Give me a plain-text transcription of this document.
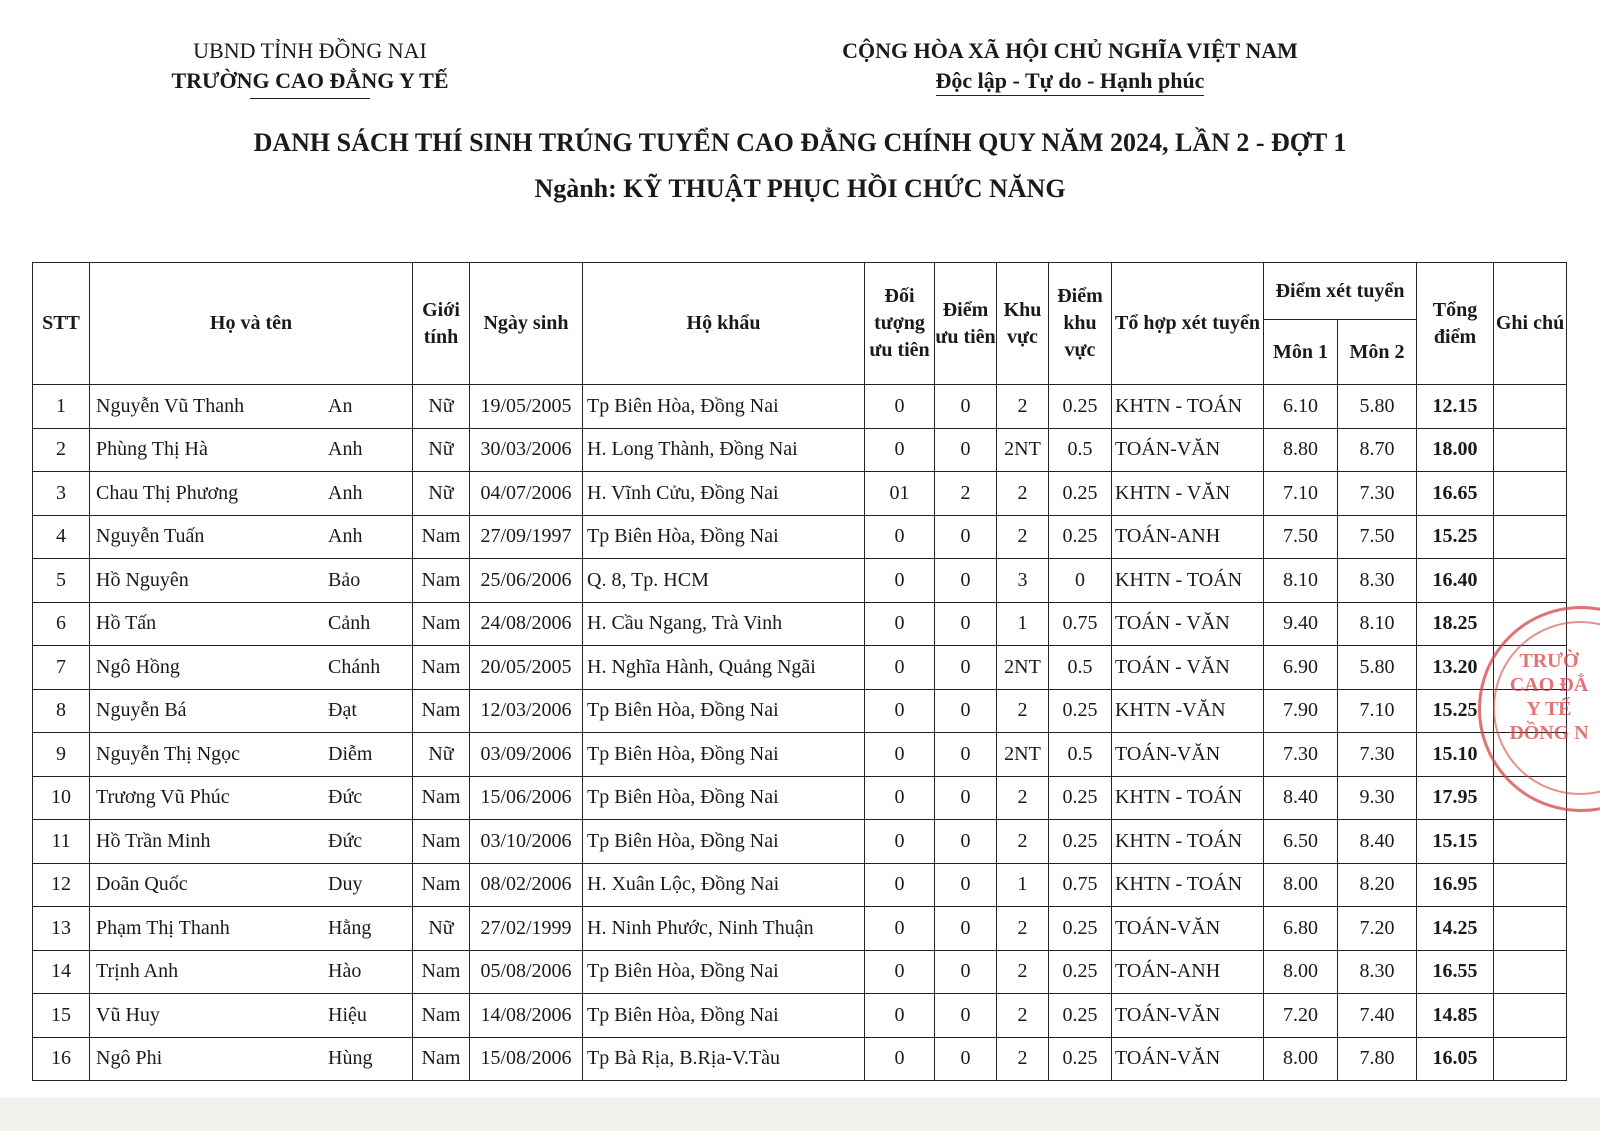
UBND TỈNH ĐỒNG NAI
TRƯỜNG CAO ĐẲNG Y TẾ
CỘNG HÒA XÃ HỘI CHỦ NGHĨA VIỆT NAM
Độc lập - Tự do - Hạnh phúc
DANH SÁCH THÍ SINH TRÚNG TUYỂN CAO ĐẲNG CHÍNH QUY NĂM 2024, LẦN 2 - ĐỢT 1
Ngành: KỸ THUẬT PHỤC HỒI CHỨC NĂNG
STT	Họ và tên	Giới tính	Ngày sinh	Hộ khẩu	Đối tượng ưu tiên	Điểm ưu tiên	Khu vực	Điểm khu vực	Tổ hợp xét tuyển	Điểm xét tuyển		Tổng điểm	Ghi chú
										Môn 1	Môn 2		
1	Nguyễn Vũ Thanh An	Nữ	19/05/2005	Tp Biên Hòa, Đồng Nai	0	0	2	0.25	KHTN - TOÁN	6.10	5.80	12.15	
2	Phùng Thị Hà Anh	Nữ	30/03/2006	H. Long Thành, Đồng Nai	0	0	2NT	0.5	TOÁN-VĂN	8.80	8.70	18.00	
3	Chau Thị Phương Anh	Nữ	04/07/2006	H. Vĩnh Cửu, Đồng Nai	01	2	2	0.25	KHTN - VĂN	7.10	7.30	16.65	
4	Nguyễn Tuấn Anh	Nam	27/09/1997	Tp Biên Hòa, Đồng Nai	0	0	2	0.25	TOÁN-ANH	7.50	7.50	15.25	
5	Hồ Nguyên Bảo	Nam	25/06/2006	Q. 8, Tp. HCM	0	0	3	0	KHTN - TOÁN	8.10	8.30	16.40	
6	Hồ Tấn Cảnh	Nam	24/08/2006	H. Cầu Ngang, Trà Vinh	0	0	1	0.75	TOÁN - VĂN	9.40	8.10	18.25	
7	Ngô Hồng Chánh	Nam	20/05/2005	H. Nghĩa Hành, Quảng Ngãi	0	0	2NT	0.5	TOÁN - VĂN	6.90	5.80	13.20	
8	Nguyễn Bá Đạt	Nam	12/03/2006	Tp Biên Hòa, Đồng Nai	0	0	2	0.25	KHTN -VĂN	7.90	7.10	15.25	
9	Nguyễn Thị Ngọc Diễm	Nữ	03/09/2006	Tp Biên Hòa, Đồng Nai	0	0	2NT	0.5	TOÁN-VĂN	7.30	7.30	15.10	
10	Trương Vũ Phúc Đức	Nam	15/06/2006	Tp Biên Hòa, Đồng Nai	0	0	2	0.25	KHTN - TOÁN	8.40	9.30	17.95	
11	Hồ Trần Minh Đức	Nam	03/10/2006	Tp Biên Hòa, Đồng Nai	0	0	2	0.25	KHTN - TOÁN	6.50	8.40	15.15	
12	Doãn Quốc Duy	Nam	08/02/2006	H. Xuân Lộc, Đồng Nai	0	0	1	0.75	KHTN - TOÁN	8.00	8.20	16.95	
13	Phạm Thị Thanh Hằng	Nữ	27/02/1999	H. Ninh Phước, Ninh Thuận	0	0	2	0.25	TOÁN-VĂN	6.80	7.20	14.25	
14	Trịnh Anh Hào	Nam	05/08/2006	Tp Biên Hòa, Đồng Nai	0	0	2	0.25	TOÁN-ANH	8.00	8.30	16.55	
15	Vũ Huy Hiệu	Nam	14/08/2006	Tp Biên Hòa, Đồng Nai	0	0	2	0.25	TOÁN-VĂN	7.20	7.40	14.85	
16	Ngô Phi Hùng	Nam	15/08/2006	Tp Bà Rịa, B.Rịa-V.Tàu	0	0	2	0.25	TOÁN-VĂN	8.00	7.80	16.05	
TRƯỜ
CAO ĐẲ
Y TẾ
ĐỒNG N
